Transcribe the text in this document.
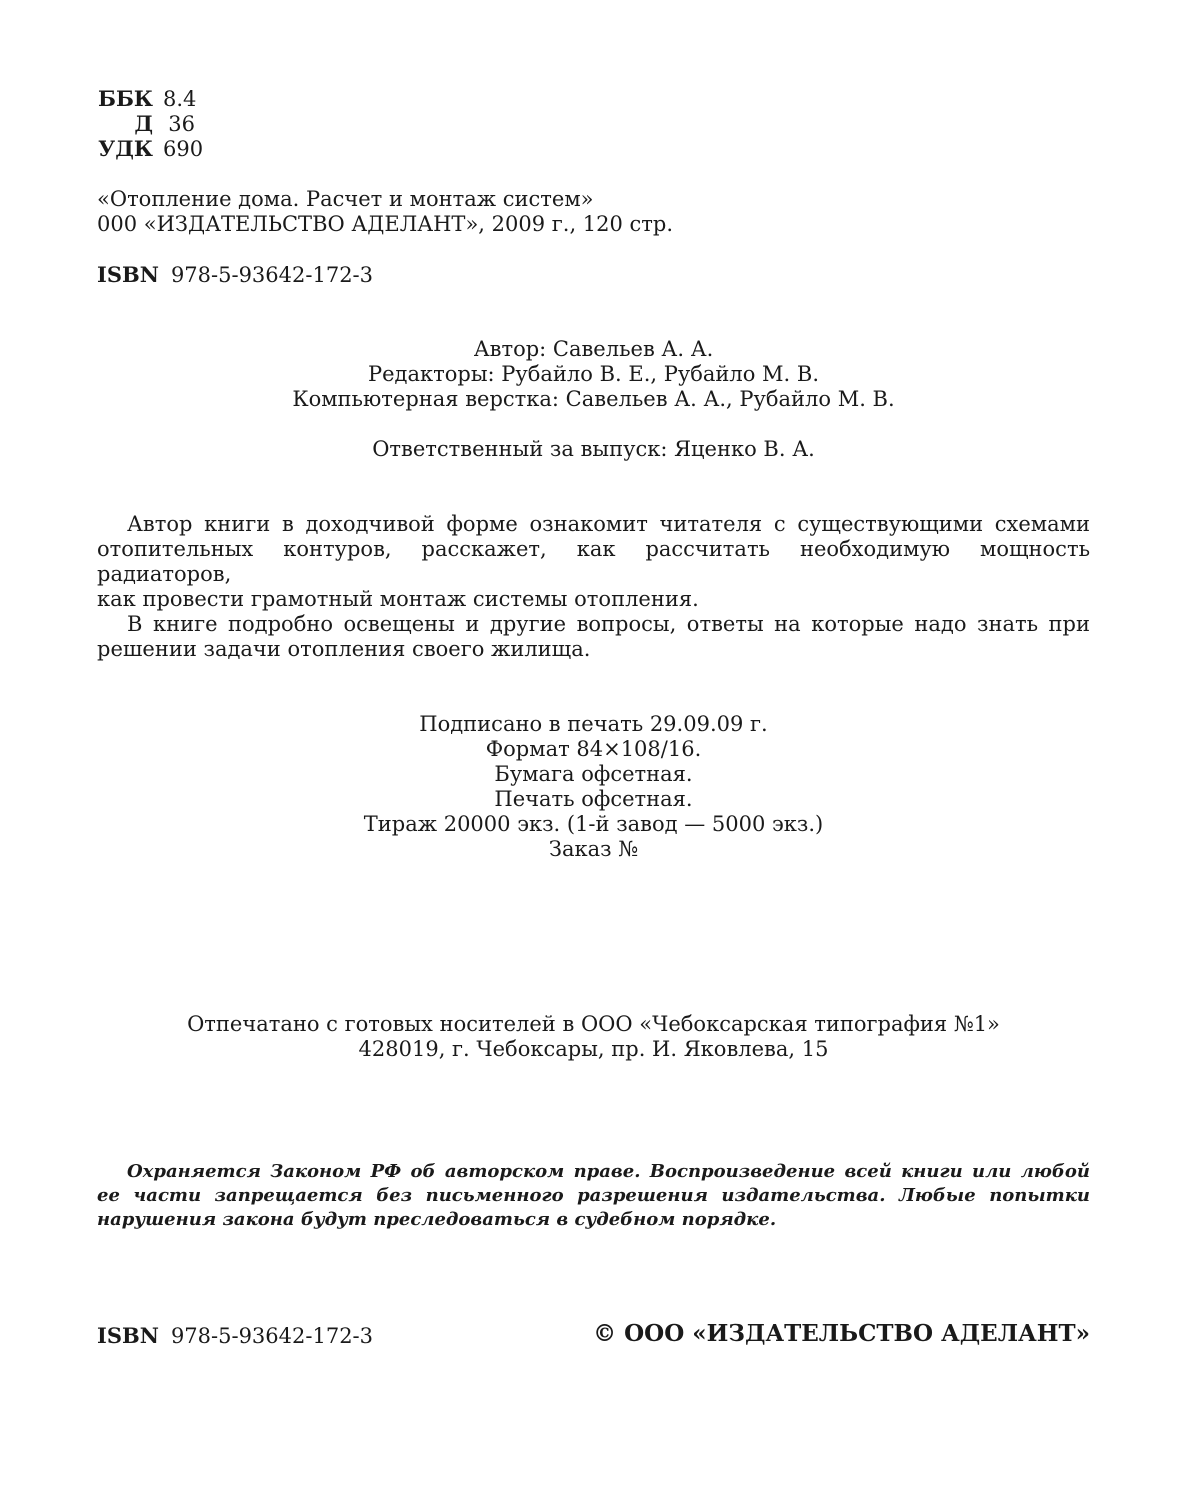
ББК 8.4
Д 36
УДК 690
«Отопление дома. Расчет и монтаж систем»
000 «ИЗДАТЕЛЬСТВО АДЕЛАНТ», 2009 г., 120 стр.
ISBN 978-5-93642-172-3
Автор: Савельев А. А.
Редакторы: Рубайло В. Е., Рубайло М. В.
Компьютерная верстка: Савельев А. А., Рубайло М. В.
Ответственный за выпуск: Яценко В. А.

Автор книги в доходчивой форме ознакомит читателя с существующими схемами
отопительных контуров, расскажет, как рассчитать необходимую мощность радиаторов,
как провести грамотный монтаж системы отопления.

В книге подробно освещены и другие вопросы, ответы на которые надо знать при
решении задачи отопления своего жилища.

Подписано в печать 29.09.09 г.
Формат 84×108/16.
Бумага офсетная.
Печать офсетная.
Тираж 20000 экз. (1-й завод — 5000 экз.)
Заказ №
Отпечатано с готовых носителей в ООО «Чебоксарская типография №1»
428019, г. Чебоксары, пр. И. Яковлева, 15
Охраняется Законом РФ об авторском праве. Воспроизведение всей книги или любой
ее части запрещается без письменного разрешения издательства. Любые попытки
нарушения закона будут преследоваться в судебном порядке.
ISBN 978-5-93642-172-3	© ООО «ИЗДАТЕЛЬСТВО АДЕЛАНТ»
